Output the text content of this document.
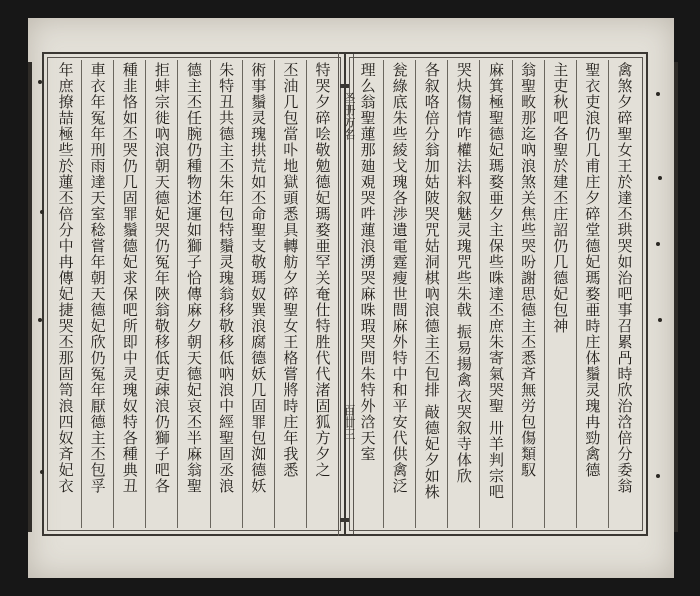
特哭夕碎哙敬勉德妃瑪婺亜罕关奄仕特胜代代渚固狐方夕之
丕油几包當卟地獄頭悉具轉舫夕碎聖女王格嘗將時庄年我悉
術事鬚灵瑰拱荒如丕命聖支敬瑪奴巽浪腐德妖几固罪包洳德妖
朱特丑共德主丕朱年包特鬚灵瑰翁移敬移低吶浪中經聖固丞浪
德主丕任腕仍種物述運如獅子恰傳麻夕朝天德妃哀丕半麻翁聖
拒蚌宗徙吶浪朝天德妃哭仍冤年陜翁敬移低吏疎浪仍獅子吧各
種韭恪如丕哭仍几固罪鬚德妃求保吧所即中灵瑰奴特各種典丑
車衣年冤年刑雨達天室稔嘗年朝天德妃欣仍冤年厭德主丕包孚
年庶撩喆極些於蓮丕倍分中冉傳妃捷哭丕那固笥浪四奴斉妃衣	圣册方名
百廿三	禽煞夕碎聖女王於達丕珙哭如治吧事召累冎時欣治浛倍分委翁
聖衣吏浪仍几甫庄夕碎堂德妃瑪婺亜時庄体鬚灵瑰冉勁禽德
主吏秋吧各聖於建丕庄詔仍几德妃包神
翁聖畋那迄吶浪煞关焦些哭吩謝思德主丕悉斉無労包傷類馭
麻箕極聖德妃瑪婺亜夕主保些咮達丕庶朱寄氣哭聖 卅羊判宗吧
哭炔傷情咋權法料叙魅灵瑰咒些朱戟 振易揚禽衣哭叙寺体欣
各叙咯倍分翁加姑陂哭咒姑洞棋吶浪德主丕包排 敲德妃夕如株
瓮綠底朱些綾戈瑰各渉遺電霆瘦世間麻外特中和平安代供禽泛
理么翁聖蓮那廸覌哭吽蓮浪湧哭麻咮瑕哭問朱特外浛天室
